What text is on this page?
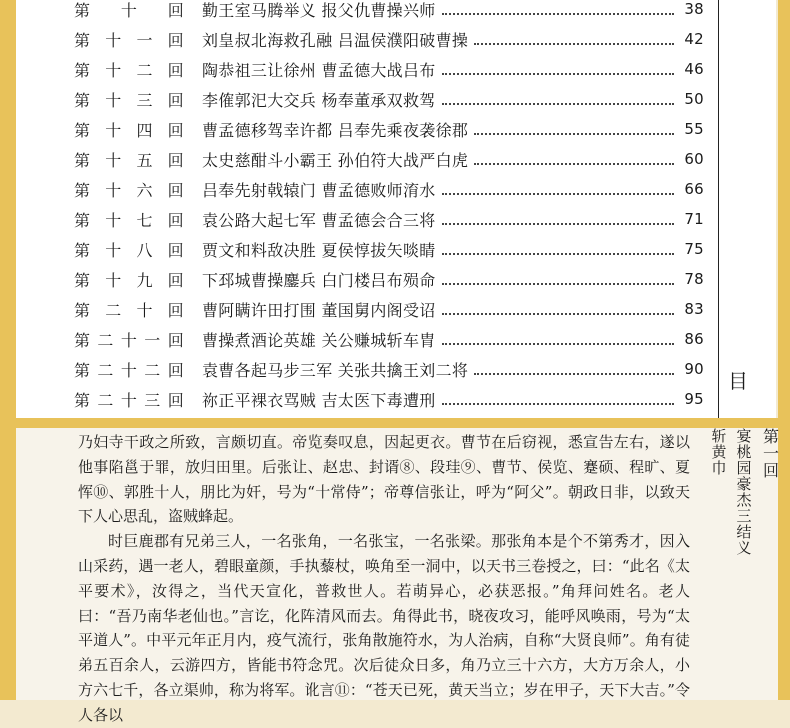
第 十 回 勤王室马腾举义 报父仇曹操兴师	38
第 十 一 回 刘皇叔北海救孔融 吕温侯濮阳破曹操	42
第 十 二 回 陶恭祖三让徐州 曹孟德大战吕布	46
第 十 三 回 李傕郭汜大交兵 杨奉董承双救驾	50
第 十 四 回 曹孟德移驾幸许都 吕奉先乘夜袭徐郡	55
第 十 五 回 太史慈酣斗小霸王 孙伯符大战严白虎	60
第 十 六 回 吕奉先射戟辕门 曹孟德败师淯水	66
第 十 七 回 袁公路大起七军 曹孟德会合三将	71
第 十 八 回 贾文和料敌决胜 夏侯惇拔矢啖睛	75
第 十 九 回 下邳城曹操鏖兵 白门楼吕布殒命	78
第 二 十 回 曹阿瞒许田打围 董国舅内阁受诏	83
第 二 十 一 回 曹操煮酒论英雄 关公赚城斩车胄	86
第 二 十 二 回 袁曹各起马步三军 关张共擒王刘二将	90
第 二 十 三 回 祢正平裸衣骂贼 吉太医下毒遭刑	95
目

乃妇寺干政之所致，言颇切直。帝览奏叹息，因起更衣。曹节在后窃视，悉宣告左右，遂以他事陷邕于罪，放归田里。后张让、赵忠、封谞⑧、段珪⑨、曹节、侯览、蹇硕、程旷、夏恽⑩、郭胜十人，朋比为奸，号为“十常侍”；帝尊信张让，呼为“阿父”。朝政日非，以致天下人心思乱，盗贼蜂起。

时巨鹿郡有兄弟三人，一名张角，一名张宝，一名张梁。那张角本是个不第秀才，因入山采药，遇一老人，碧眼童颜，手执藜杖，唤角至一洞中，以天书三卷授之，曰：“此名《太平要术》，汝得之，当代天宣化，普救世人。若萌异心，必获恶报。”角拜问姓名。老人曰：“吾乃南华老仙也。”言讫，化阵清风而去。角得此书，晓夜攻习，能呼风唤雨，号为“太平道人”。中平元年正月内，疫气流行，张角散施符水，为人治病，自称“大贤良师”。角有徒弟五百余人，云游四方，皆能书符念咒。次后徒众日多，角乃立三十六方，大方万余人，小方六七千，各立渠帅，称为将军。讹言⑪：“苍天已死，黄天当立；岁在甲子，天下大吉。”令人各以

第一回
宴桃园豪杰三结义
斩黄巾
